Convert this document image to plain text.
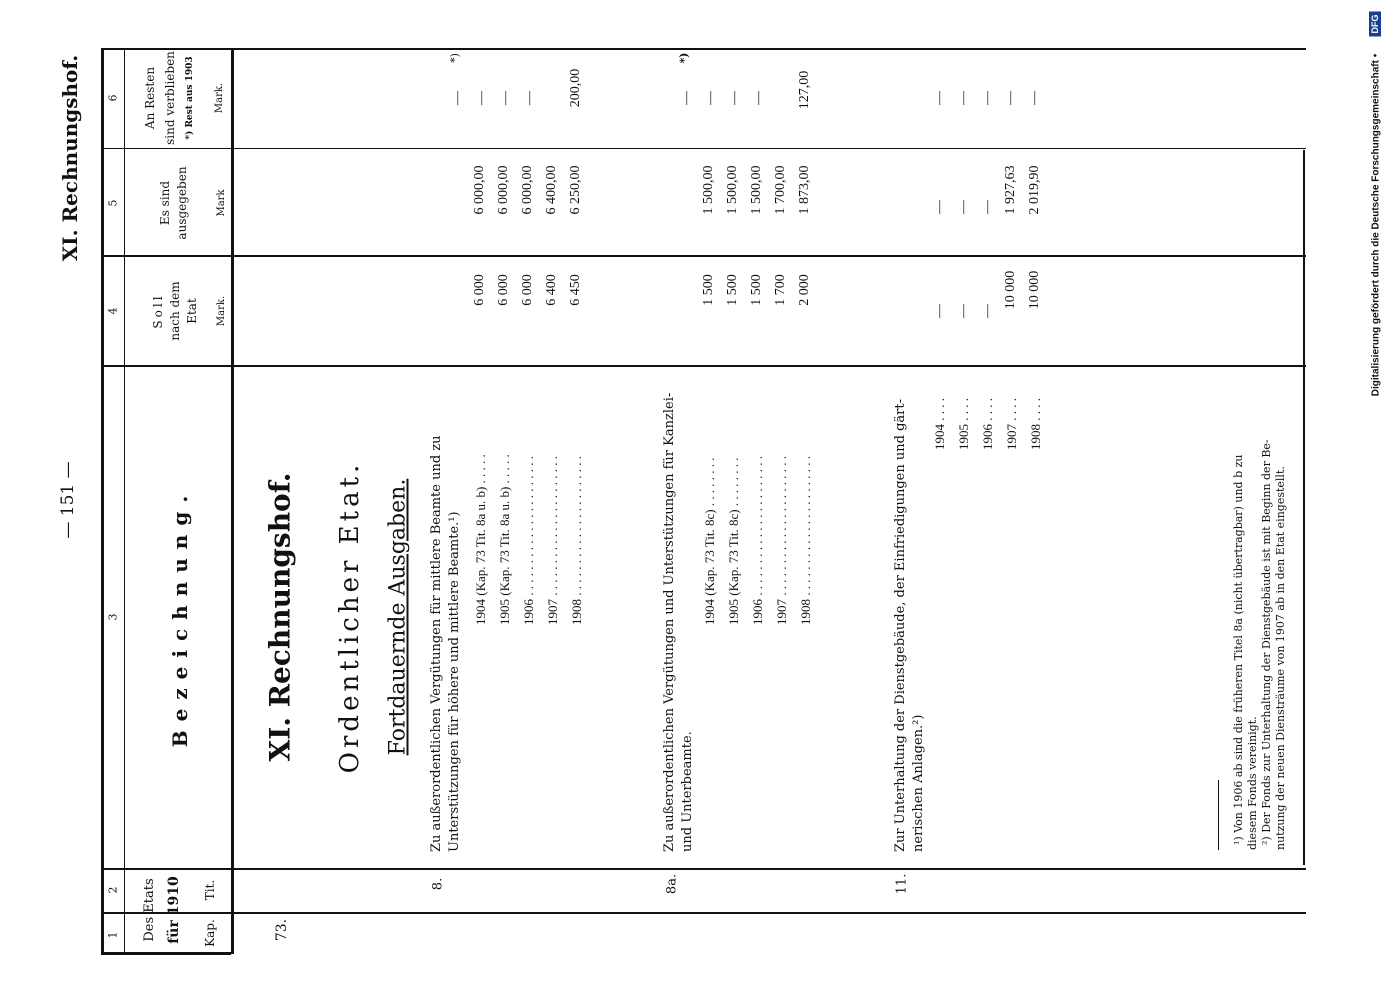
XI. Rechnungshof.
— 151 —
Digitalisierung gefördert durch die Deutsche Forschungsgemeinschaft •
DFG
1
2
3
4
5
6
Des Etats für 1910 Kap.
Tit.
Bezeichnung.
Soll nach dem Etat Mark.
Es sind ausgegeben	Mark
An Resten sind verblieben *) Rest aus 1903 Mark.
73.
XI. Rechnungshof. Ordentlicher Etat. Fortdauernde Ausgaben.
8.
Zu außerordentlichen Vergütungen für mittlere Beamte und zu Unterstützungen für höhere und mittlere Beamte.¹) 1904 (Kap. 73 Tit. 8a u. b) . . . . . 1905 (Kap. 73 Tit. 8a u. b) . . . . . 1906 . . . . . . . . . . . . . . . . . . . . . . 1907 . . . . . . . . . . . . . . . . . . . . . . 1908 . . . . . . . . . . . . . . . . . . . . . .
6 000 6 000 6 000 6 400 6 450
6 000,00 6 000,00 6 000,00 6 400,00 6 250,00
*)
— — — — 200,00
8a.
Zu außerordentlichen Vergütungen und Unterstützungen für Kanzlei- und Unterbeamte.
1904 (Kap. 73 Tit. 8c) . . . . . . . . 1905 (Kap. 73 Tit. 8c) . . . . . . . . 1906 . . . . . . . . . . . . . . . . . . . . . . 1907 . . . . . . . . . . . . . . . . . . . . . . 1908 . . . . . . . . . . . . . . . . . . . . . .
1 500 1 500 1 500 1 700 2 000
1 500,00 1 500,00 1 500,00 1 700,00 1 873,00
*)
— — — — 127,00
11.
Zur Unterhaltung der Dienstgebäude, der Einfriedigungen und gärt- nerischen Anlagen.²)
1904 . . . . 1905 . . . . 1906 . . . . 1907 . . . . 1908 . . . .
— — —
10 000 10 000
— — — 1 927,63 2 019,90
— — — — —
¹) Von 1906 ab sind die früheren Titel 8a (nicht übertragbar) und b zu diesem Fonds vereinigt. ²) Der Fonds zur Unterhaltung der Dienstgebäude ist mit Beginn der Be- nutzung der neuen Diensträume von 1907 ab in den Etat eingestellt.
